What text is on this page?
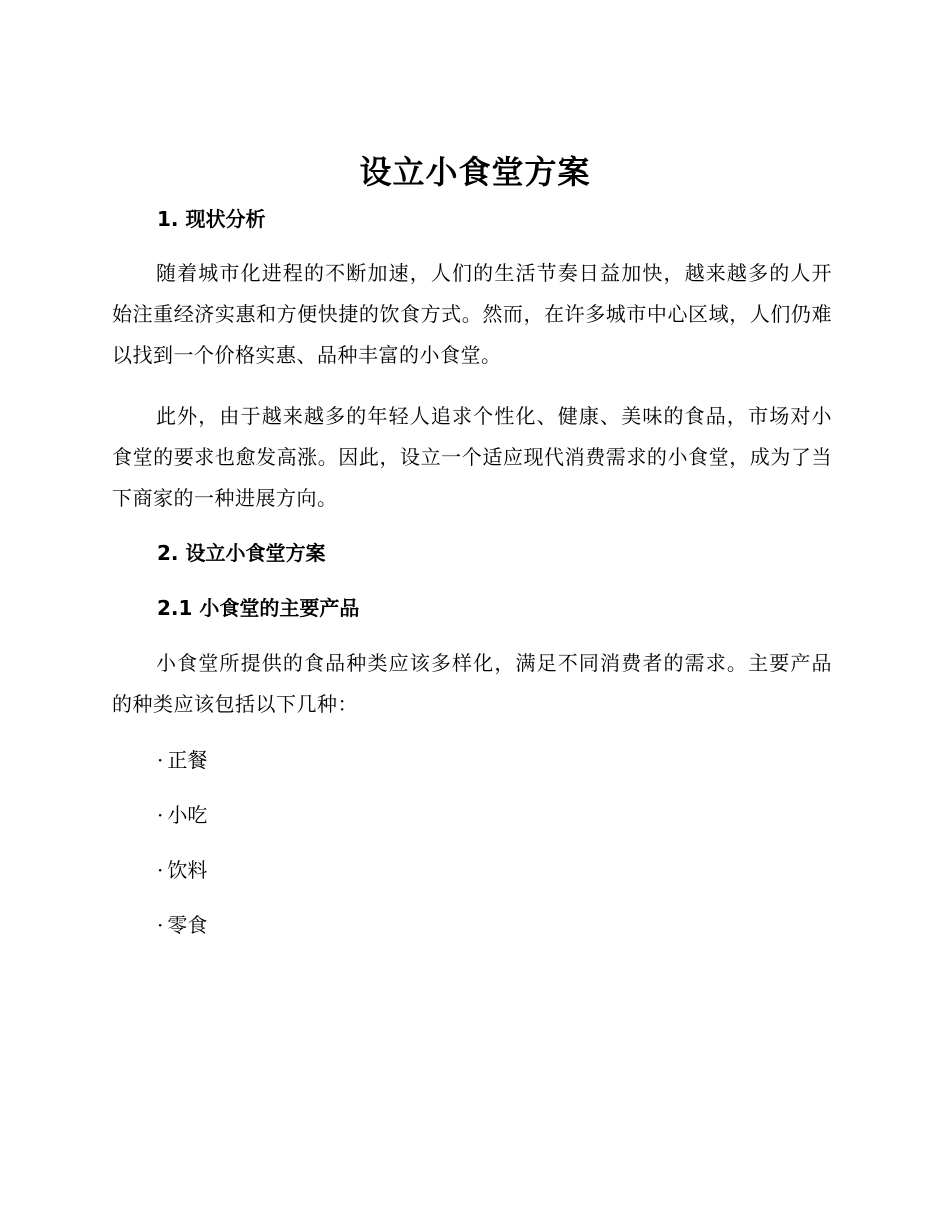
设立小食堂方案
1. 现状分析
随着城市化进程的不断加速，人们的生活节奏日益加快，越来越多的人开始注重经济实惠和方便快捷的饮食方式。然而，在许多城市中心区域，人们仍难以找到一个价格实惠、品种丰富的小食堂。
此外，由于越来越多的年轻人追求个性化、健康、美味的食品，市场对小食堂的要求也愈发高涨。因此，设立一个适应现代消费需求的小食堂，成为了当下商家的一种进展方向。
2. 设立小食堂方案
2.1 小食堂的主要产品
小食堂所提供的食品种类应该多样化，满足不同消费者的需求。主要产品的种类应该包括以下几种：
· 正餐
· 小吃
· 饮料
· 零食
